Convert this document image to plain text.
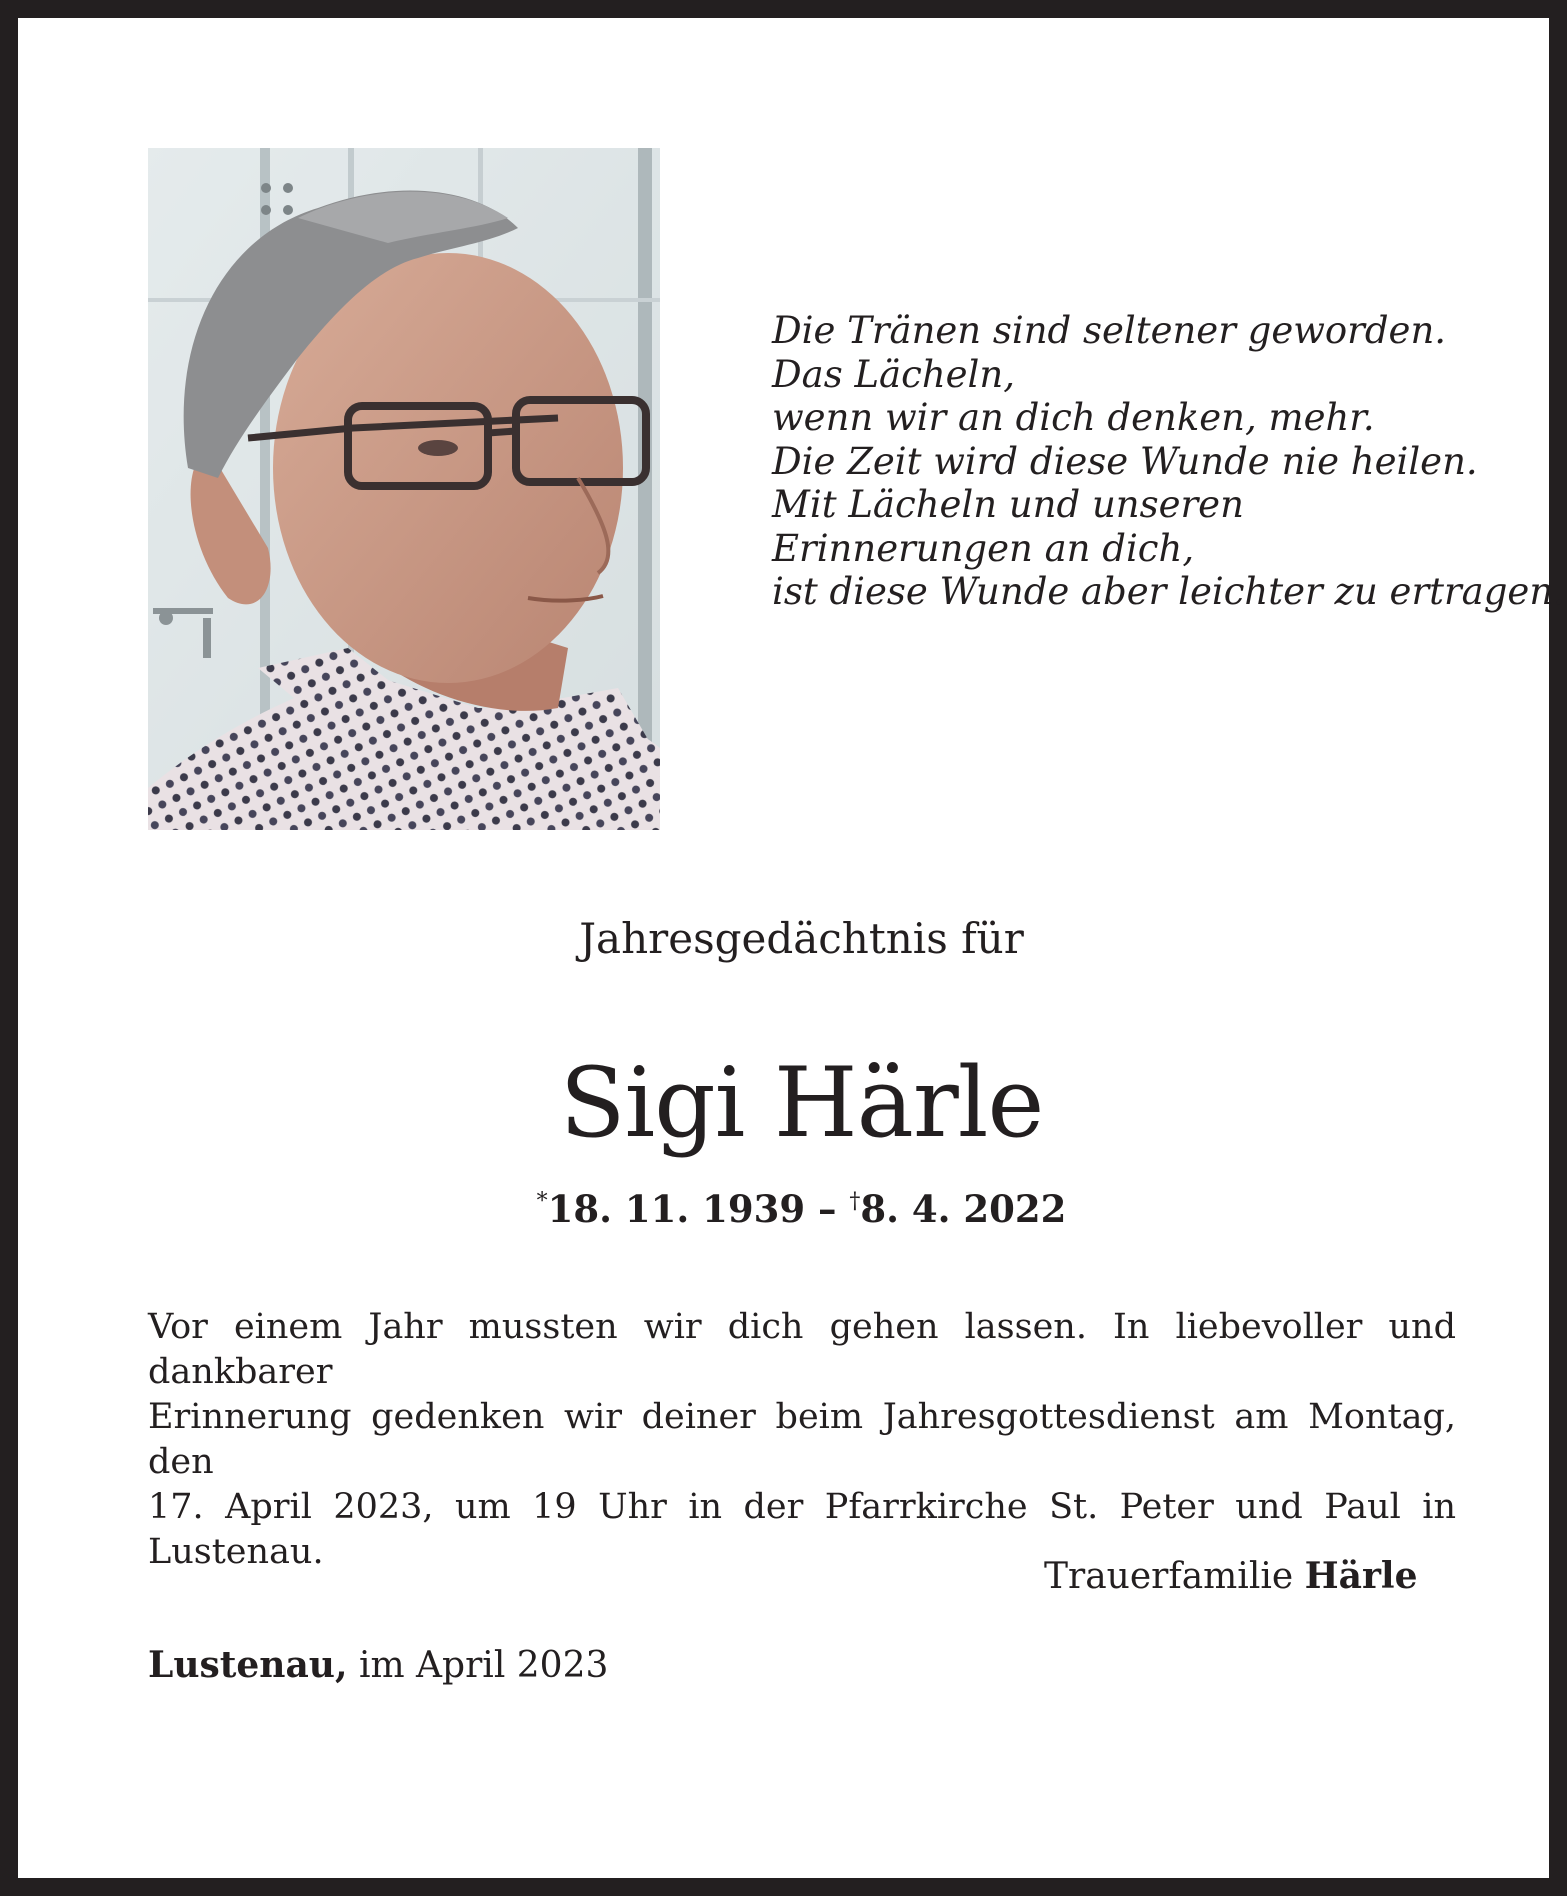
Die Tränen sind seltener geworden.
Das Lächeln,
wenn wir an dich denken, mehr.
Die Zeit wird diese Wunde nie heilen.
Mit Lächeln und unseren
Erinnerungen an dich,
ist diese Wunde aber leichter zu ertragen.
Jahresgedächtnis für
Sigi Härle
*18. 11. 1939 – †8. 4. 2022
Vor einem Jahr mussten wir dich gehen lassen. In liebevoller und dankbarer
Erinnerung gedenken wir deiner beim Jahresgottesdienst am Montag, den
17. April 2023, um 19 Uhr in der Pfarrkirche St. Peter und Paul in Lustenau.
Trauerfamilie Härle
Lustenau, im April 2023
